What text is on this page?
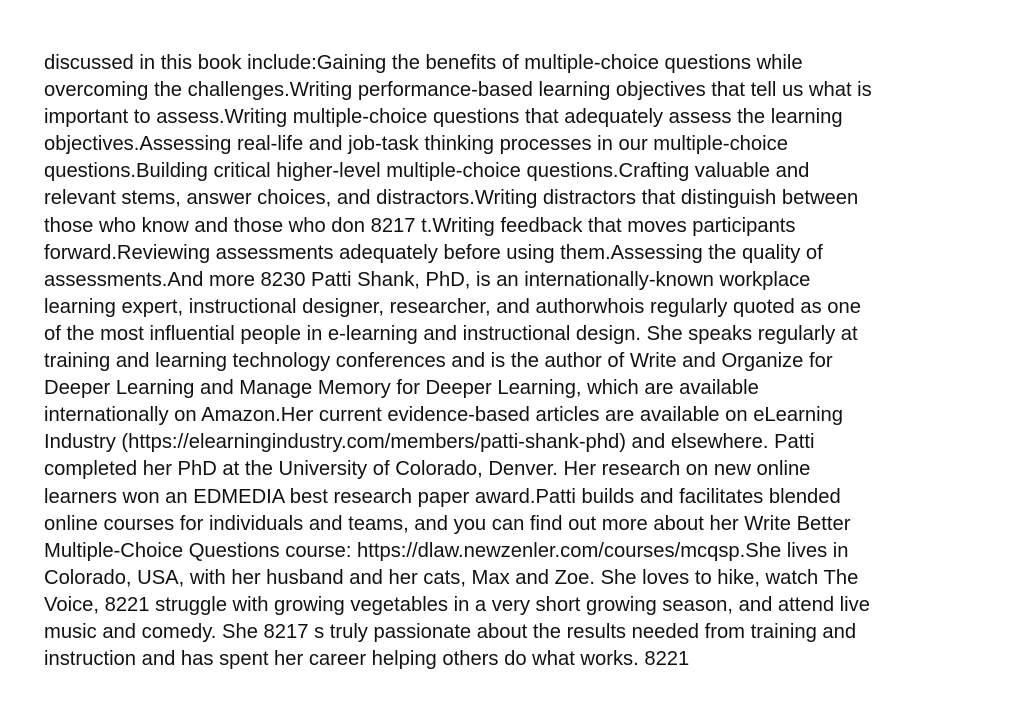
discussed in this book include:Gaining the benefits of multiple-choice questions while
overcoming the challenges.Writing performance-based learning objectives that tell us what is
important to assess.Writing multiple-choice questions that adequately assess the learning
objectives.Assessing real-life and job-task thinking processes in our multiple-choice
questions.Building critical higher-level multiple-choice questions.Crafting valuable and
relevant stems, answer choices, and distractors.Writing distractors that distinguish between
those who know and those who don 8217 t.Writing feedback that moves participants
forward.Reviewing assessments adequately before using them.Assessing the quality of
assessments.And more 8230 Patti Shank, PhD, is an internationally-known workplace
learning expert, instructional designer, researcher, and authorwhois regularly quoted as one
of the most influential people in e-learning and instructional design. She speaks regularly at
training and learning technology conferences and is the author of Write and Organize for
Deeper Learning and Manage Memory for Deeper Learning, which are available
internationally on Amazon.Her current evidence-based articles are available on eLearning
Industry (https://elearningindustry.com/members/patti-shank-phd) and elsewhere. Patti
completed her PhD at the University of Colorado, Denver. Her research on new online
learners won an EDMEDIA best research paper award.Patti builds and facilitates blended
online courses for individuals and teams, and you can find out more about her Write Better
Multiple-Choice Questions course: https://dlaw.newzenler.com/courses/mcqsp.She lives in
Colorado, USA, with her husband and her cats, Max and Zoe. She loves to hike, watch The
Voice, 8221 struggle with growing vegetables in a very short growing season, and attend live
music and comedy. She 8217 s truly passionate about the results needed from training and
instruction and has spent her career helping others do what works. 8221
